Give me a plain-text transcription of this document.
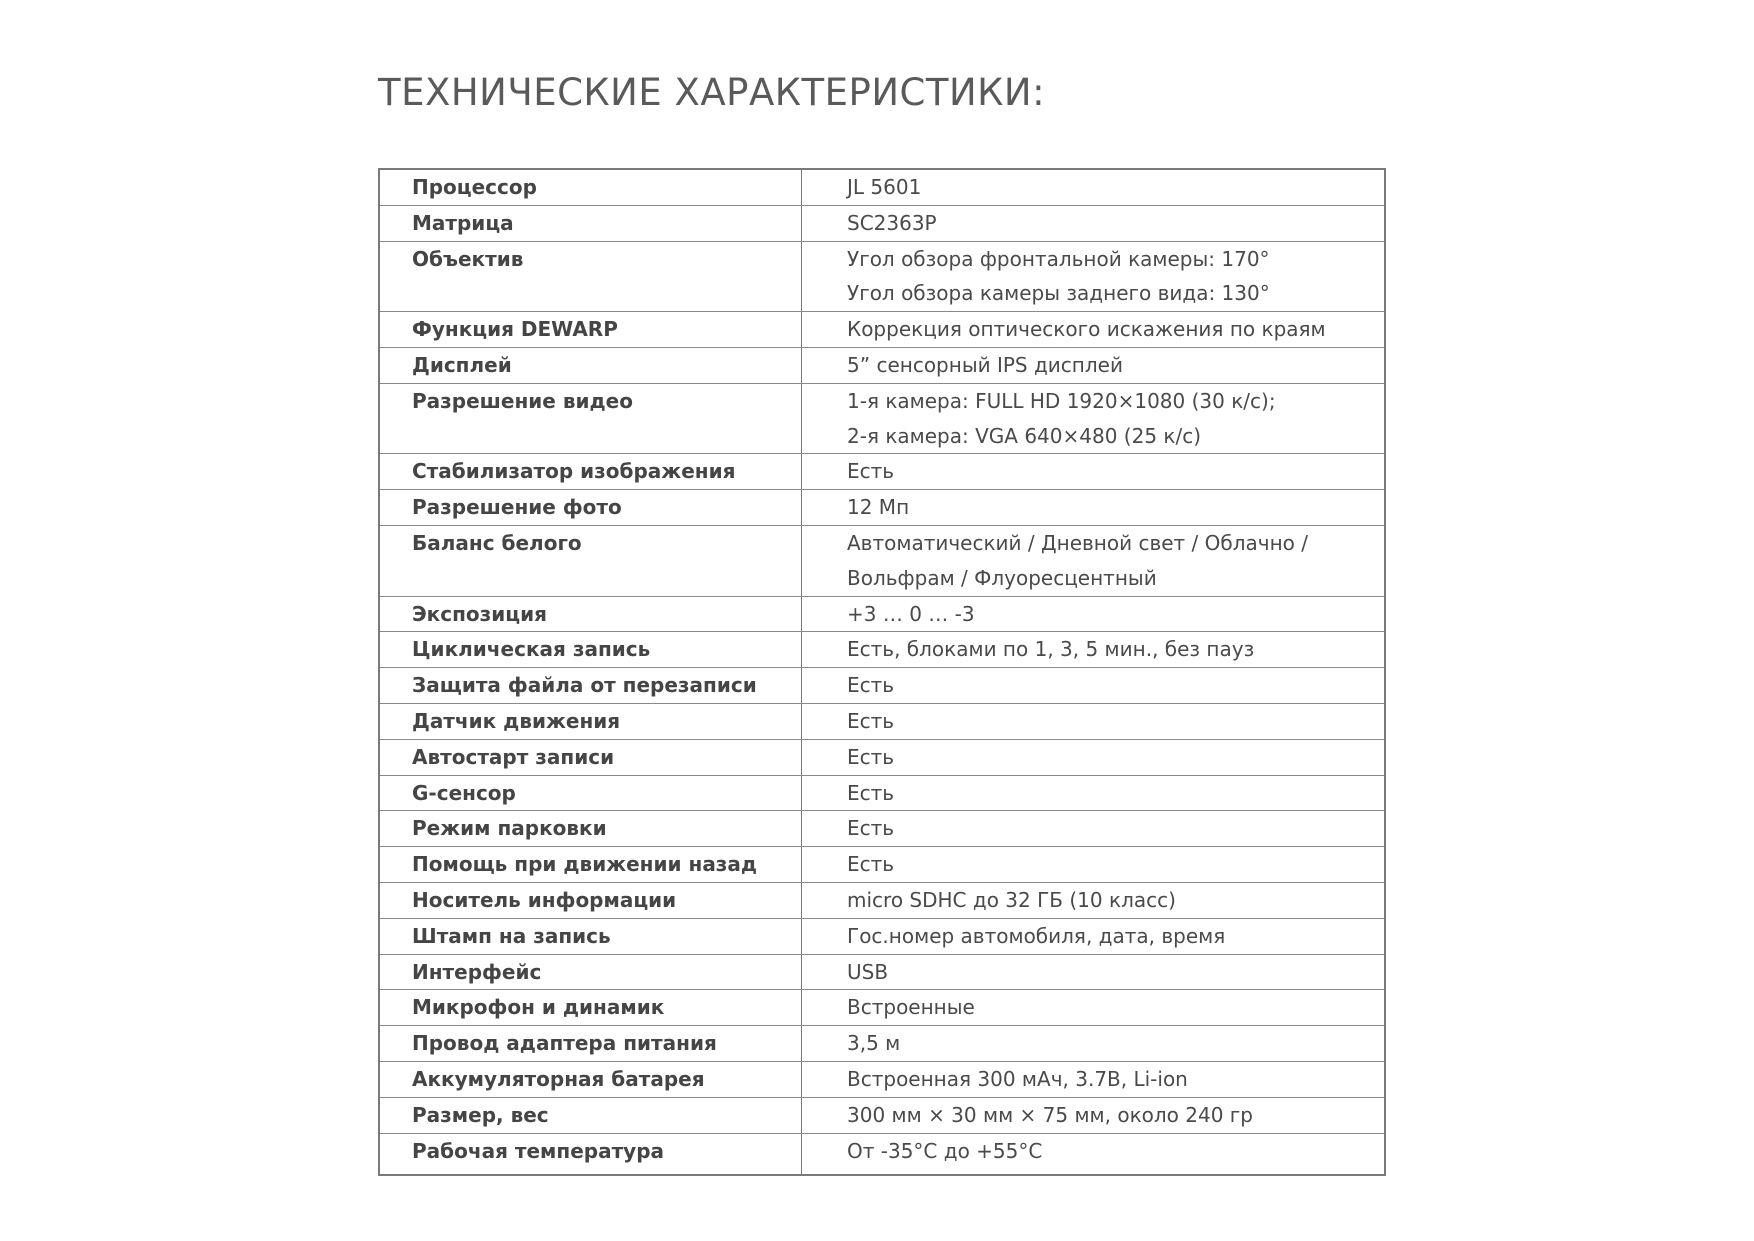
ТЕХНИЧЕСКИЕ ХАРАКТЕРИСТИКИ:
Процессор	JL 5601

Матрица	SC2363P

Объектив	Угол обзора фронтальной камеры: 170°
Угол обзора камеры заднего вида: 130°

Функция DEWARP	Коррекция оптического искажения по краям

Дисплей	5” сенсорный IPS дисплей

Разрешение видео	1-я камера: FULL HD 1920×1080 (30 к/с);
2-я камера: VGA 640×480 (25 к/с)

Стабилизатор изображения	Есть

Разрешение фото	12 Мп

Баланс белого	Автоматический / Дневной свет / Облачно /
Вольфрам / Флуоресцентный

Экспозиция	+3 … 0 … -3

Циклическая запись	Есть, блоками по 1, 3, 5 мин., без пауз

Защита файла от перезаписи	Есть

Датчик движения	Есть

Автостарт записи	Есть

G-сенсор	Есть

Режим парковки	Есть

Помощь при движении назад	Есть

Носитель информации	micro SDHC до 32 ГБ (10 класс)

Штамп на запись	Гос.номер автомобиля, дата, время

Интерфейс	USB

Микрофон и динамик	Встроенные

Провод адаптера питания	3,5 м

Аккумуляторная батарея	Встроенная 300 мАч, 3.7В, Li-ion

Размер, вес	300 мм × 30 мм × 75 мм, около 240 гр

Рабочая температура	От -35°С до +55°С
